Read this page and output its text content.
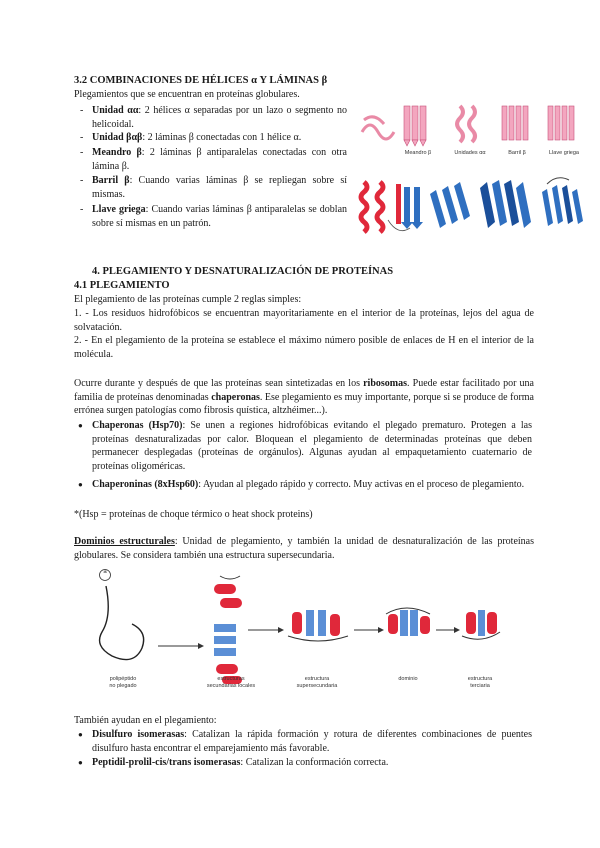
3.2 COMBINACIONES DE HÉLICES α Y LÁMINAS β

Plegamientos que se encuentran en proteínas globulares.

- Unidad αα: 2 hélices α separadas por un lazo o segmento no helicoidal.
- Unidad βαβ: 2 láminas β conectadas con 1 hélice α.
- Meandro β: 2 láminas β antiparalelas conectadas con otra lámina β.
- Barril β: Cuando varias láminas β se repliegan sobre sí mismas.
- Llave griega: Cuando varias láminas β antiparalelas se doblan sobre sí mismas en un patrón.
Meandro β	Unidades αα	Barril β	Llave griega
4. PLEGAMIENTO Y DESNATURALIZACIÓN DE PROTEÍNAS
4.1 PLEGAMIENTO

El plegamiento de las proteínas cumple 2 reglas simples:

1. - Los residuos hidrofóbicos se encuentran mayoritariamente en el interior de la proteínas, lejos del agua de solvatación.

2. - En el plegamiento de la proteína se establece el máximo número posible de enlaces de H en el interior de la molécula.

Ocurre durante y después de que las proteínas sean sintetizadas en los ribosomas. Puede estar facilitado por una familia de proteínas denominadas chaperonas. Ese plegamiento es muy importante, porque si se produce de forma errónea surgen patologías como fibrosis quística, altzhéimer...).

● Chaperonas (Hsp70): Se unen a regiones hidrofóbicas evitando el plegado prematuro. Protegen a las proteínas desnaturalizadas por calor. Bloquean el plegamiento de determinadas proteínas que deben permanecer desplegadas (proteínas de orgánulos). Algunas ayudan al empaquetamiento cuaternario de proteínas oligoméricas.
● Chaperoninas (8xHsp60): Ayudan al plegado rápido y correcto. Muy activas en el proceso de plegamiento.

*(Hsp = proteínas de choque térmico o heat shock proteins)

Dominios estructurales: Unidad de plegamiento, y también la unidad de desnaturalización de las proteínas globulares. Se considera también una estructura supersecundaria.

a
polipéptido
no plegado
estructuras
secundarias locales
estructura
supersecundaria
dominio	estructura
terciaria

También ayudan en el plegamiento:

● Disulfuro isomerasas: Catalizan la rápida formación y rotura de diferentes combinaciones de puentes disulfuro hasta encontrar el emparejamiento más favorable.
● Peptidil-prolil-cis/trans isomerasas: Catalizan la conformación correcta.
